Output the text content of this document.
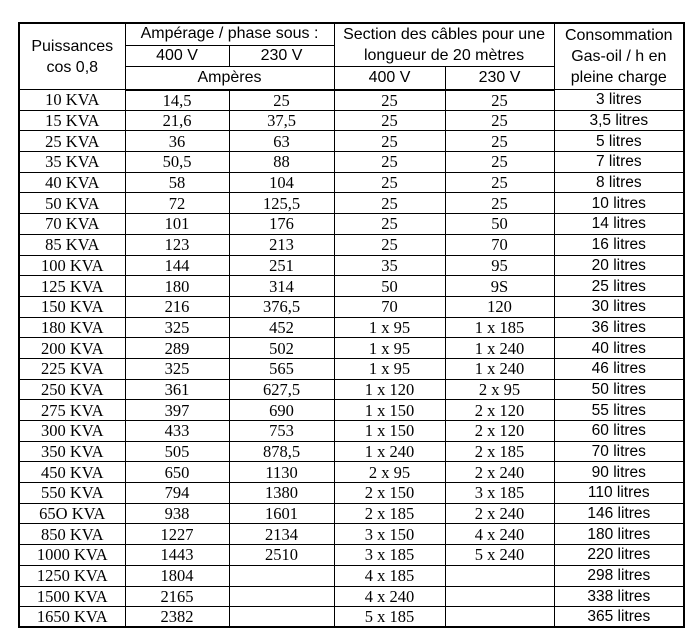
Puissances
cos 0,8	Ampérage / phase sous :		Section des câbles pour une
longueur de 20 mètres		Consommation
Gas-oil / h en
pleine charge

	400 V	230 V			
	Ampères		400 V	230 V	
10 KVA	14,5	25	25	25	3 litres
15 KVA	21,6	37,5	25	25	3,5 litres
25 KVA	36	63	25	25	5 litres
35 KVA	50,5	88	25	25	7 litres
40 KVA	58	104	25	25	8 litres
50 KVA	72	125,5	25	25	10 litres
70 KVA	101	176	25	50	14 litres
85 KVA	123	213	25	70	16 litres
100 KVA	144	251	35	95	20 litres
125 KVA	180	314	50	9S	25 litres
150 KVA	216	376,5	70	120	30 litres
180 KVA	325	452	1 x 95	1 x 185	36 litres
200 KVA	289	502	1 x 95	1 x 240	40 litres
225 KVA	325	565	1 x 95	1 x 240	46 litres
250 KVA	361	627,5	1 x 120	2 x 95	50 litres
275 KVA	397	690	1 x 150	2 x 120	55 litres
300 KVA	433	753	1 x 150	2 x 120	60 litres
350 KVA	505	878,5	1 x 240	2 x 185	70 litres
450 KVA	650	1130	2 x 95	2 x 240	90 litres
550 KVA	794	1380	2 x 150	3 x 185	110 litres
65O KVA	938	1601	2 x 185	2 x 240	146 litres
850 KVA	1227	2134	3 x 150	4 x 240	180 litres
1000 KVA	1443	2510	3 x 185	5 x 240	220 litres
1250 KVA	1804		4 x 185		298 litres
1500 KVA	2165		4 x 240		338 litres
1650 KVA	2382		5 x 185		365 litres
